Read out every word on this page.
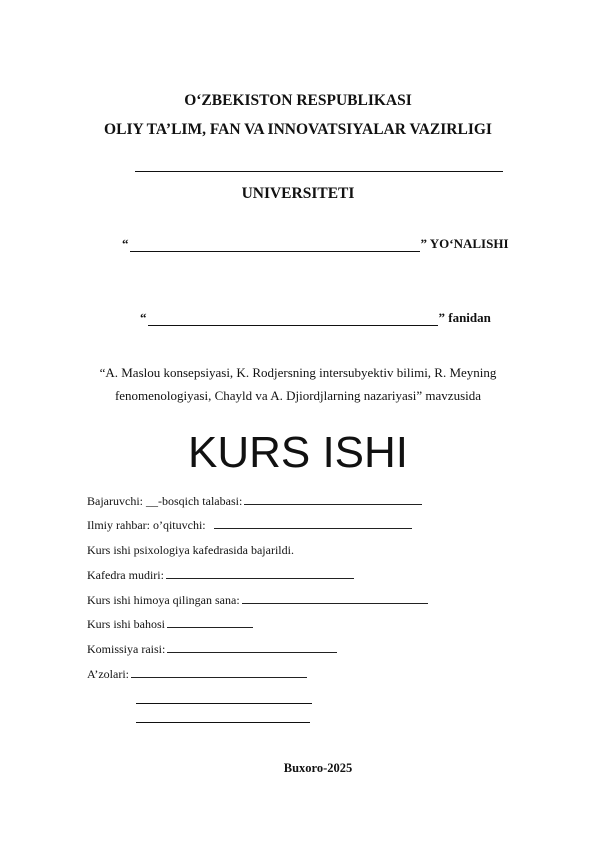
O‘ZBEKISTON RESPUBLIKASI
OLIY TA’LIM, FAN VA INNOVATSIYALAR VAZIRLIGI
UNIVERSITETI
“	” YO‘NALISHI
“	” fanidan
“A. Maslou konsepsiyasi, K. Rodjersning intersubyektiv bilimi, R. Meyning
fenomenologiyasi, Chayld va A. Djiordjlarning nazariyasi” mavzusida
KURS ISHI
Bajaruvchi: __-bosqich talabasi:
Ilmiy rahbar: o’qituvchi:
Kurs ishi psixologiya kafedrasida bajarildi.
Kafedra mudiri:
Kurs ishi himoya qilingan sana:
Kurs ishi bahosi
Komissiya raisi:
A’zolari:
Buxoro-2025
